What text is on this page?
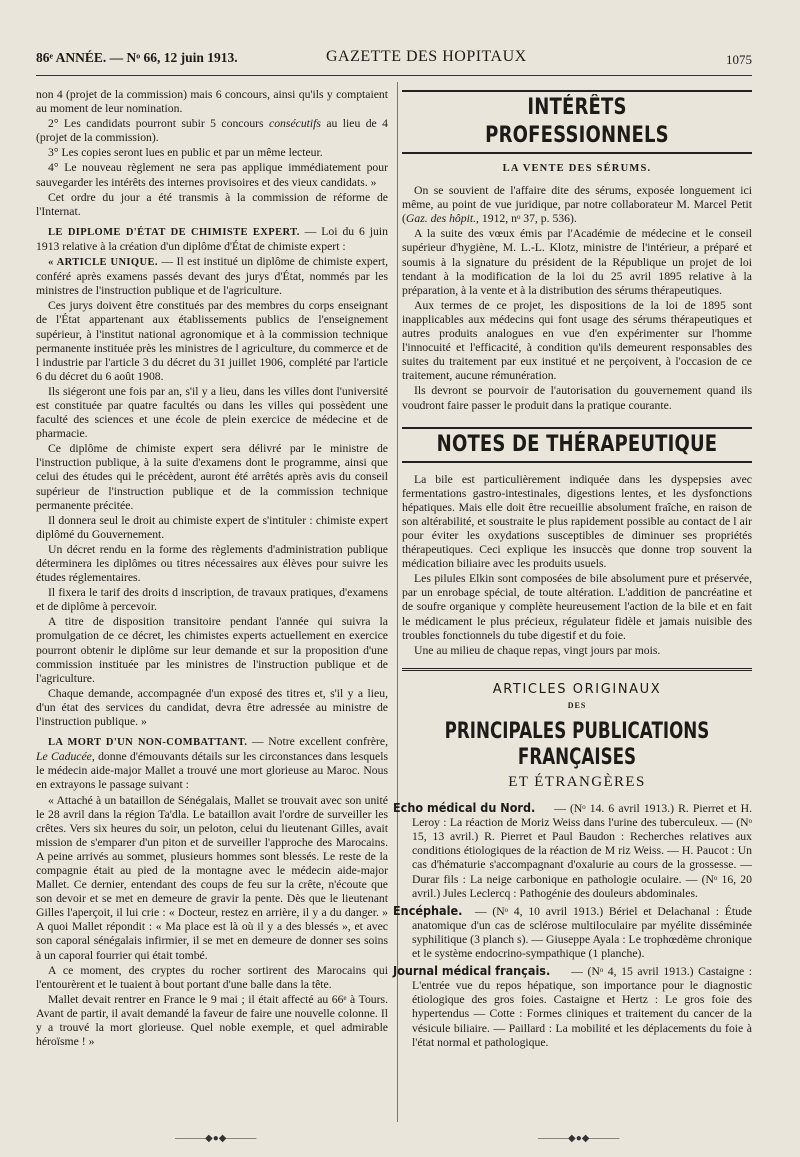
86ᵉ ANNÉE. — Nᵒ 66, 12 juin 1913.	GAZETTE DES HOPITAUX	1075

non 4 (projet de la commission) mais 6 concours, ainsi qu'ils y comptaient au moment de leur nomination.

2° Les candidats pourront subir 5 concours consécutifs au lieu de 4 (projet de la commission).

3° Les copies seront lues en public et par un même lecteur.

4° Le nouveau règlement ne sera pas applique immédiatement pour sauvegarder les intérêts des internes provisoires et des vieux candidats. »

Cet ordre du jour a été transmis à la commission de réforme de l'Internat.

LE DIPLOME D'ÉTAT DE CHIMISTE EXPERT. — Loi du 6 juin 1913 relative à la création d'un diplôme d'État de chimiste expert :

« ARTICLE UNIQUE. — Il est institué un diplôme de chimiste expert, conféré après examens passés devant des jurys d'État, nommés par les ministres de l'instruction publique et de l'agriculture.

Ces jurys doivent être constitués par des membres du corps enseignant de l'État appartenant aux établissements publics de l'enseignement supérieur, à l'institut national agronomique et à la commission technique permanente instituée près les ministres de l agriculture, du commerce et de l industrie par l'article 3 du décret du 31 juillet 1906, complété par l'article 6 du décret du 6 août 1908.

Ils siégeront une fois par an, s'il y a lieu, dans les villes dont l'université est constituée par quatre facultés ou dans les villes qui possèdent une faculté des sciences et une école de plein exercice de médecine et de pharmacie.

Ce diplôme de chimiste expert sera délivré par le ministre de l'instruction publique, à la suite d'examens dont le programme, ainsi que celui des études qui le précèdent, auront été arrêtés après avis du conseil supérieur de l'instruction publique et de la commission technique permanente précitée.

Il donnera seul le droit au chimiste expert de s'intituler : chimiste expert diplômé du Gouvernement.

Un décret rendu en la forme des règlements d'administration publique déterminera les diplômes ou titres nécessaires aux élèves pour suivre les études réglementaires.

Il fixera le tarif des droits d inscription, de travaux pratiques, d'examens et de diplôme à percevoir.

A titre de disposition transitoire pendant l'année qui suivra la promulgation de ce décret, les chimistes experts actuellement en exercice pourront obtenir le diplôme sur leur demande et sur la proposition d'une commission instituée par les ministres de l'instruction publique et de l'agriculture.

Chaque demande, accompagnée d'un exposé des titres et, s'il y a lieu, d'un état des services du candidat, devra être adressée au ministre de l'instruction publique. »

LA MORT D'UN NON-COMBATTANT. — Notre excellent confrère, Le Caducée, donne d'émouvants détails sur les circonstances dans lesquels le médecin aide-major Mallet a trouvé une mort glorieuse au Maroc. Nous en extrayons le passage suivant :

« Attaché à un bataillon de Sénégalais, Mallet se trouvait avec son unité le 28 avril dans la région Ta'dla. Le bataillon avait l'ordre de surveiller les crêtes. Vers six heures du soir, un peloton, celui du lieutenant Gilles, avait mission de s'emparer d'un piton et de surveiller l'approche des Marocains. A peine arrivés au sommet, plusieurs hommes sont blessés. Le reste de la compagnie était au pied de la montagne avec le médecin aide-major Mallet. Ce dernier, entendant des coups de feu sur la crête, n'écoute que son devoir et se met en demeure de gravir la pente. Dès que le lieutenant Gilles l'aperçoit, il lui crie : « Docteur, restez en arrière, il y a du danger. » A quoi Mallet répondit : « Ma place est là où il y a des blessés », et avec son caporal sénégalais infirmier, il se met en demeure de donner ses soins à un caporal fourrier qui était tombé.

A ce moment, des cryptes du rocher sortirent des Marocains qui l'entourèrent et le tuaient à bout portant d'une balle dans la tête.

Mallet devait rentrer en France le 9 mai ; il était affecté au 66ᵉ à Tours. Avant de partir, il avait demandé la faveur de faire une nouvelle colonne. Il y a trouvé la mort glorieuse. Quel noble exemple, et quel admirable héroïsme ! »

INTÉRÊTS PROFESSIONNELS
LA VENTE DES SÉRUMS.

On se souvient de l'affaire dite des sérums, exposée longuement ici même, au point de vue juridique, par notre collaborateur M. Marcel Petit (Gaz. des hôpit., 1912, nᵒ 37, p. 536).

A la suite des vœux émis par l'Académie de médecine et le conseil supérieur d'hygiène, M. L.-L. Klotz, ministre de l'intérieur, a préparé et soumis à la signature du président de la République un projet de loi tendant à la modification de la loi du 25 avril 1895 relative à la préparation, à la vente et à la distribution des sérums thérapeutiques.

Aux termes de ce projet, les dispositions de la loi de 1895 sont inapplicables aux médecins qui font usage des sérums thérapeutiques et autres produits analogues en vue d'en expérimenter sur l'homme l'innocuité et l'efficacité, à condition qu'ils demeurent responsables des suites du traitement par eux institué et ne perçoivent, à l'occasion de ce traitement, aucune rémunération.

Ils devront se pourvoir de l'autorisation du gouvernement quand ils voudront faire passer le produit dans la pratique courante.

NOTES DE THÉRAPEUTIQUE

La bile est particulièrement indiquée dans les dyspepsies avec fermentations gastro-intestinales, digestions lentes, et les dysfonctions hépatiques. Mais elle doit être recueillie absolument fraîche, en raison de son altérabilité, et soustraite le plus rapidement possible au contact de l air pour éviter les oxydations susceptibles de diminuer ses propriétés thérapeutiques. Ceci explique les insuccès que donne trop souvent la médication biliaire avec les produits usuels.

Les pilules Elkin sont composées de bile absolument pure et préservée, par un enrobage spécial, de toute altération. L'addition de pancréatine et de soufre organique y complète heureusement l'action de la bile et en fait le médicament le plus précieux, régulateur fidèle et jamais nuisible des troubles fonctionnels du tube digestif et du foie.

Une au milieu de chaque repas, vingt jours par mois.

ARTICLES ORIGINAUX
DES
PRINCIPALES PUBLICATIONS FRANÇAISES
ET ÉTRANGÈRES

Echo médical du Nord. — (Nᵒ 14. 6 avril 1913.) R. Pierret et H. Leroy : La réaction de Moriz Weiss dans l'urine des tuberculeux. — (Nᵒ 15, 13 avril.) R. Pierret et Paul Baudon : Recherches relatives aux conditions étiologiques de la réaction de M riz Weiss. — H. Paucot : Un cas d'hématurie s'accompagnant d'oxalurie au cours de la grossesse. — Durar fils : La neige carbonique en pathologie oculaire. — (Nᵒ 16, 20 avril.) Jules Leclercq : Pathogénie des douleurs abdominales.

Encéphale. — (Nᵒ 4, 10 avril 1913.) Bériel et Delachanal : Étude anatomique d'un cas de sclérose multiloculaire par myélite disséminée syphilitique (3 planch s). — Giuseppe Ayala : Le trophœdème chronique et le système endocrino-sympathique (1 planche).

Journal médical français. — (Nᵒ 4, 15 avril 1913.) Castaigne : L'entrée vue du repos hépatique, son importance pour le diagnostic étiologique des gros foies. Castaigne et Hertz : Le gros foie des hypertendus — Cotte : Formes cliniques et traitement du cancer de la vésicule biliaire. — Paillard : La mobilité et les déplacements du foie à l'état normal et pathologique.

———◆●◆———	———◆●◆———
